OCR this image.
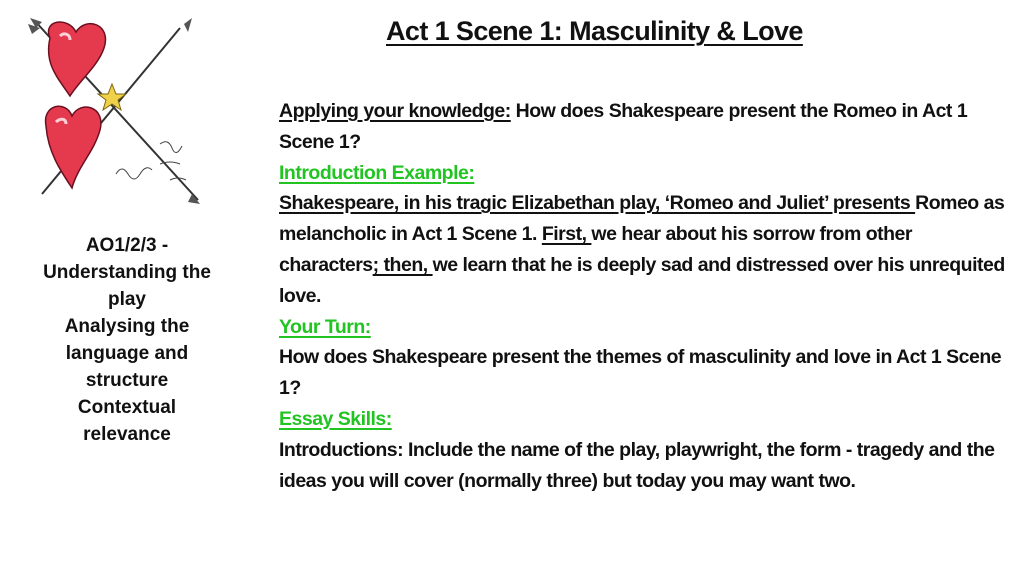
Act 1 Scene 1: Masculinity & Love
AO1/2/3 -
Understanding the
play
Analysing the
language and
structure
Contextual
relevance

Applying your knowledge: How does Shakespeare present the Romeo in Act 1 Scene 1?

Introduction Example:

Shakespeare, in his tragic Elizabethan play, ‘Romeo and Juliet’ presents Romeo as melancholic in Act 1 Scene 1. First, we hear about his sorrow from other characters; then, we learn that he is deeply sad and distressed over his unrequited love.

Your Turn:

How does Shakespeare present the themes of masculinity and love in Act 1 Scene 1?

Essay Skills:

Introductions: Include the name of the play, playwright, the form - tragedy and the ideas you will cover (normally three) but today you may want two.
